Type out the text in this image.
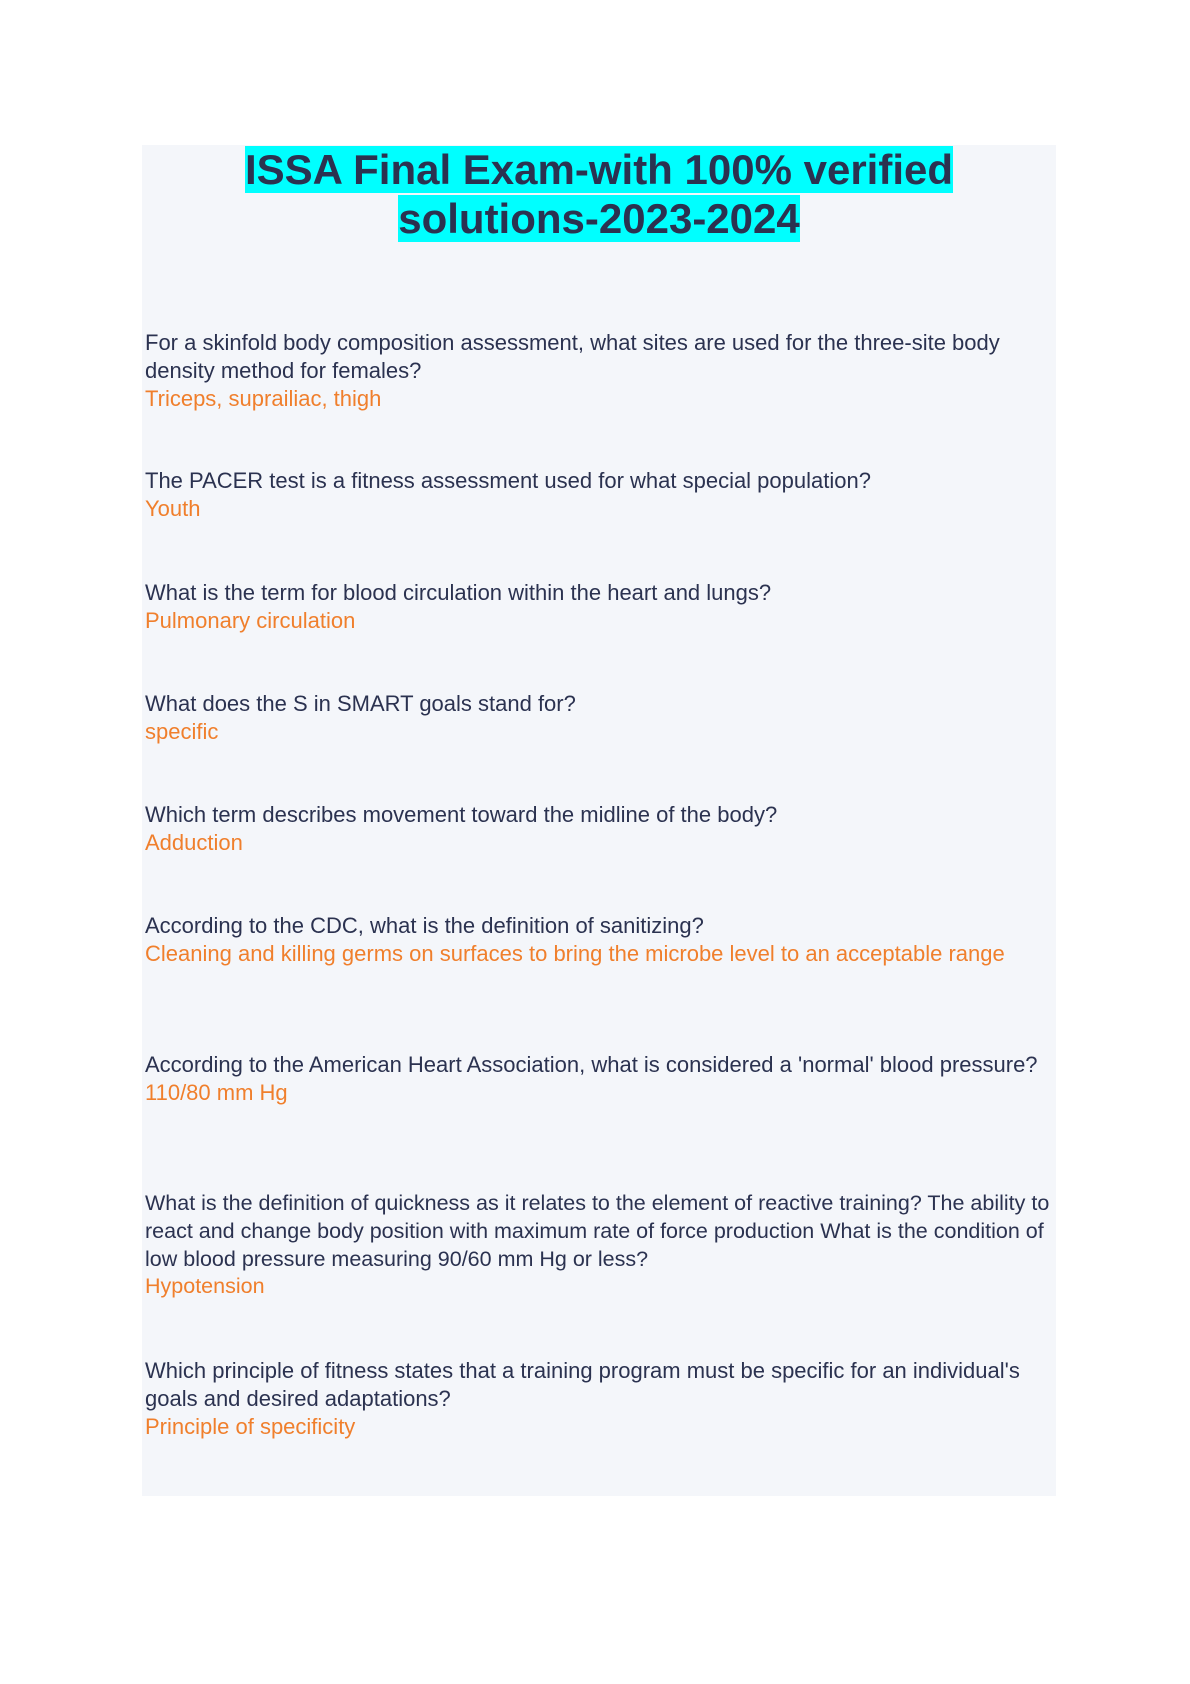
ISSA Final Exam-with 100% verified
solutions-2023-2024
For a skinfold body composition assessment, what sites are used for the three-site body density method for females?
Triceps, suprailiac, thigh
The PACER test is a fitness assessment used for what special population?
Youth
What is the term for blood circulation within the heart and lungs?
Pulmonary circulation
What does the S in SMART goals stand for?
specific
Which term describes movement toward the midline of the body?
Adduction
According to the CDC, what is the definition of sanitizing?
Cleaning and killing germs on surfaces to bring the microbe level to an acceptable range
According to the American Heart Association, what is considered a 'normal' blood pressure?
110/80 mm Hg
What is the definition of quickness as it relates to the element of reactive training? The ability to react and change body position with maximum rate of force production What is the condition of low blood pressure measuring 90/60 mm Hg or less?
Hypotension
Which principle of fitness states that a training program must be specific for an individual's goals and desired adaptations?
Principle of specificity
